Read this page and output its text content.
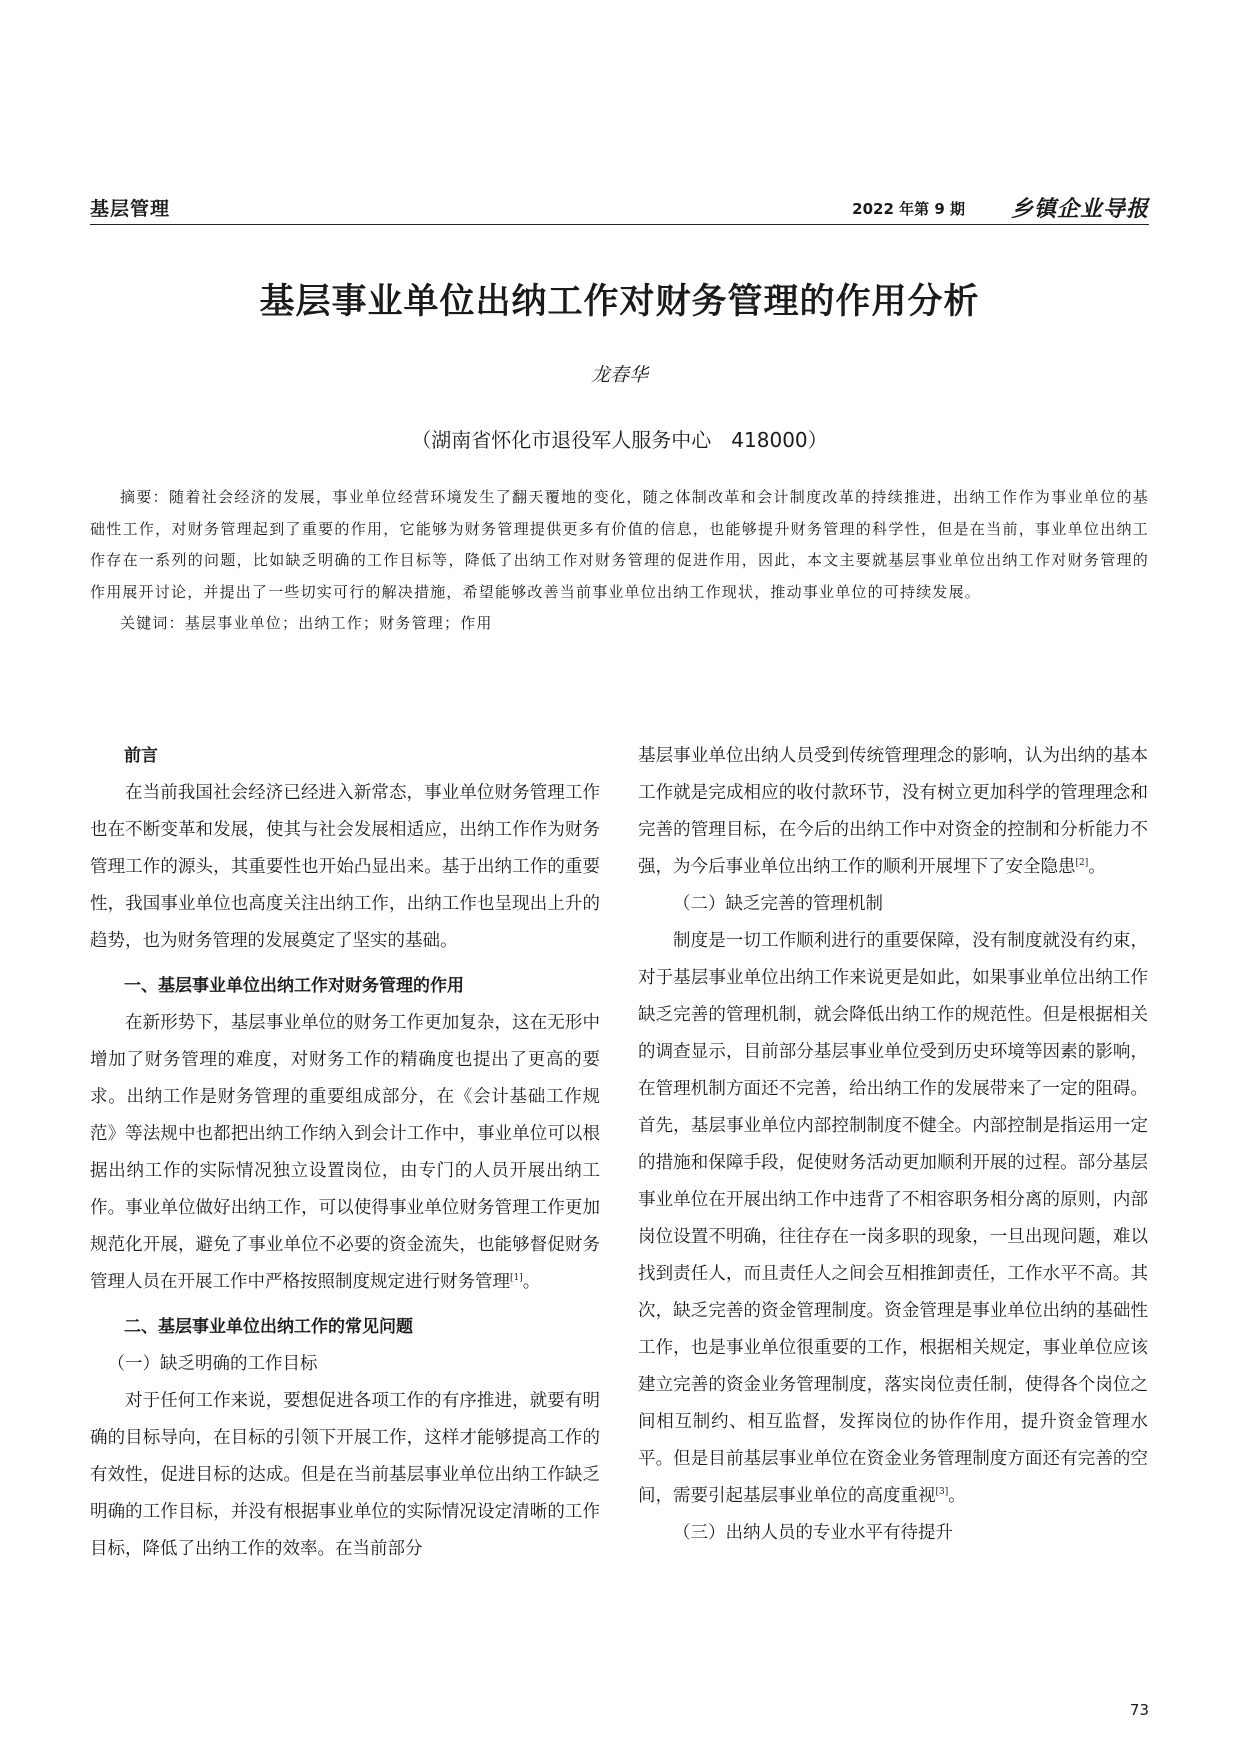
基层管理	2022 年第 9 期 乡镇企业导报
基层事业单位出纳工作对财务管理的作用分析
龙春华
（湖南省怀化市退役军人服务中心　418000）

摘要：随着社会经济的发展，事业单位经营环境发生了翻天覆地的变化，随之体制改革和会计制度改革的持续推进，出纳工作作为事业单位的基础性工作，对财务管理起到了重要的作用，它能够为财务管理提供更多有价值的信息，也能够提升财务管理的科学性，但是在当前，事业单位出纳工作存在一系列的问题，比如缺乏明确的工作目标等，降低了出纳工作对财务管理的促进作用，因此，本文主要就基层事业单位出纳工作对财务管理的作用展开讨论，并提出了一些切实可行的解决措施，希望能够改善当前事业单位出纳工作现状，推动事业单位的可持续发展。

关键词：基层事业单位；出纳工作；财务管理；作用

前言

在当前我国社会经济已经进入新常态，事业单位财务管理工作也在不断变革和发展，使其与社会发展相适应，出纳工作作为财务管理工作的源头，其重要性也开始凸显出来。基于出纳工作的重要性，我国事业单位也高度关注出纳工作，出纳工作也呈现出上升的趋势，也为财务管理的发展奠定了坚实的基础。

一、基层事业单位出纳工作对财务管理的作用

在新形势下，基层事业单位的财务工作更加复杂，这在无形中增加了财务管理的难度，对财务工作的精确度也提出了更高的要求。出纳工作是财务管理的重要组成部分，在《会计基础工作规范》等法规中也都把出纳工作纳入到会计工作中，事业单位可以根据出纳工作的实际情况独立设置岗位，由专门的人员开展出纳工作。事业单位做好出纳工作，可以使得事业单位财务管理工作更加规范化开展，避免了事业单位不必要的资金流失，也能够督促财务管理人员在开展工作中严格按照制度规定进行财务管理[1]。

二、基层事业单位出纳工作的常见问题

（一）缺乏明确的工作目标

对于任何工作来说，要想促进各项工作的有序推进，就要有明确的目标导向，在目标的引领下开展工作，这样才能够提高工作的有效性，促进目标的达成。但是在当前基层事业单位出纳工作缺乏明确的工作目标，并没有根据事业单位的实际情况设定清晰的工作目标，降低了出纳工作的效率。在当前部分

基层事业单位出纳人员受到传统管理理念的影响，认为出纳的基本工作就是完成相应的收付款环节，没有树立更加科学的管理理念和完善的管理目标，在今后的出纳工作中对资金的控制和分析能力不强，为今后事业单位出纳工作的顺利开展埋下了安全隐患[2]。

（二）缺乏完善的管理机制

制度是一切工作顺利进行的重要保障，没有制度就没有约束，对于基层事业单位出纳工作来说更是如此，如果事业单位出纳工作缺乏完善的管理机制，就会降低出纳工作的规范性。但是根据相关的调查显示，目前部分基层事业单位受到历史环境等因素的影响，在管理机制方面还不完善，给出纳工作的发展带来了一定的阻碍。首先，基层事业单位内部控制制度不健全。内部控制是指运用一定的措施和保障手段，促使财务活动更加顺利开展的过程。部分基层事业单位在开展出纳工作中违背了不相容职务相分离的原则，内部岗位设置不明确，往往存在一岗多职的现象，一旦出现问题，难以找到责任人，而且责任人之间会互相推卸责任，工作水平不高。其次，缺乏完善的资金管理制度。资金管理是事业单位出纳的基础性工作，也是事业单位很重要的工作，根据相关规定，事业单位应该建立完善的资金业务管理制度，落实岗位责任制，使得各个岗位之间相互制约、相互监督，发挥岗位的协作作用，提升资金管理水平。但是目前基层事业单位在资金业务管理制度方面还有完善的空间，需要引起基层事业单位的高度重视[3]。

（三）出纳人员的专业水平有待提升

73
